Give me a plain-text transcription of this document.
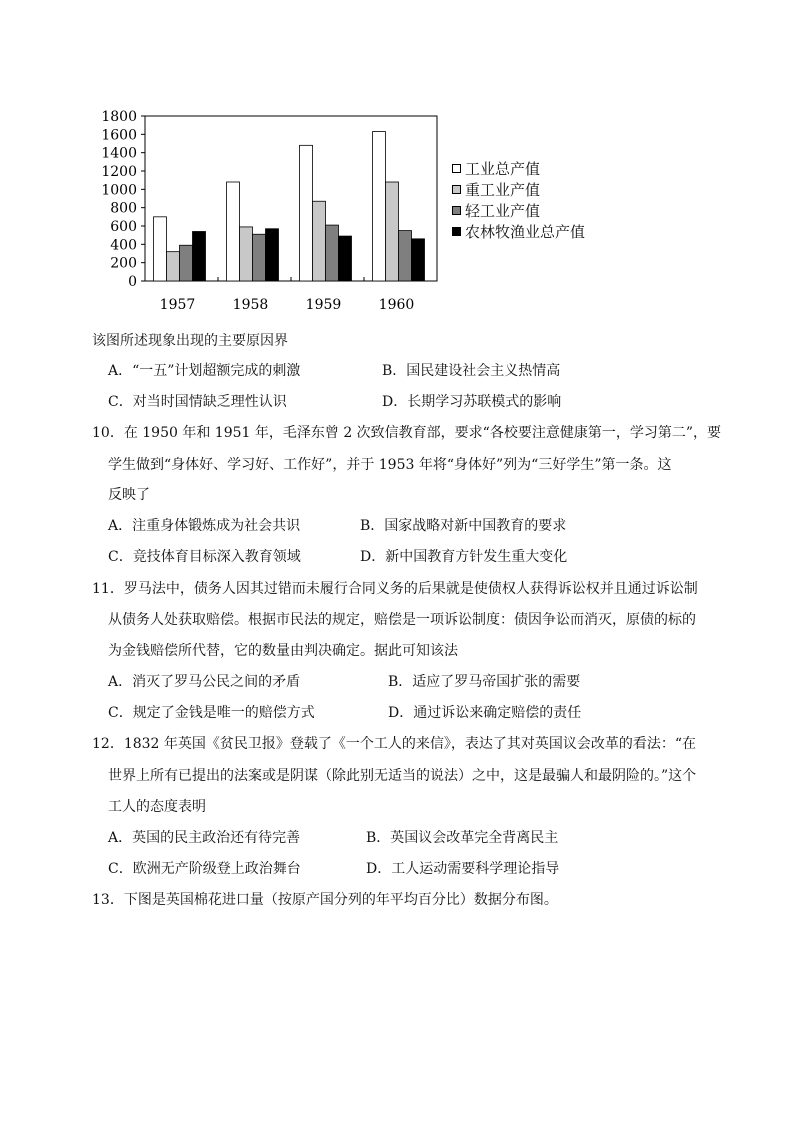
0
200
400
600
800
1000
1200
1400
1600
1800
1957	1958	1959	1960
工业总产值
重工业产值
轻工业产值
农林牧渔业总产值
该图所述现象出现的主要原因界
A．“一五”计划超额完成的刺激	B．国民建设社会主义热情高
C．对当时国情缺乏理性认识	D．长期学习苏联模式的影响
10．在 1950 年和 1951 年，毛泽东曾 2 次致信教育部，要求“各校要注意健康第一，学习第二”，要
学生做到“身体好、学习好、工作好”，并于 1953 年将“身体好”列为“三好学生”第一条。这
反映了
A．注重身体锻炼成为社会共识	B．国家战略对新中国教育的要求
C．竞技体育目标深入教育领域	D．新中国教育方针发生重大变化
11．罗马法中，债务人因其过错而未履行合同义务的后果就是使债权人获得诉讼权并且通过诉讼制
从债务人处获取赔偿。根据市民法的规定，赔偿是一项诉讼制度：债因争讼而消灭，原债的标的
为金钱赔偿所代替，它的数量由判决确定。据此可知该法
A．消灭了罗马公民之间的矛盾	B．适应了罗马帝国扩张的需要
C．规定了金钱是唯一的赔偿方式	D．通过诉讼来确定赔偿的责任
12．1832 年英国《贫民卫报》登载了《一个工人的来信》，表达了其对英国议会改革的看法：“在
世界上所有已提出的法案或是阴谋（除此别无适当的说法）之中，这是最骗人和最阴险的。”这个
工人的态度表明
A．英国的民主政治还有待完善	B．英国议会改革完全背离民主
C．欧洲无产阶级登上政治舞台	D．工人运动需要科学理论指导
13．下图是英国棉花进口量（按原产国分列的年平均百分比）数据分布图。
